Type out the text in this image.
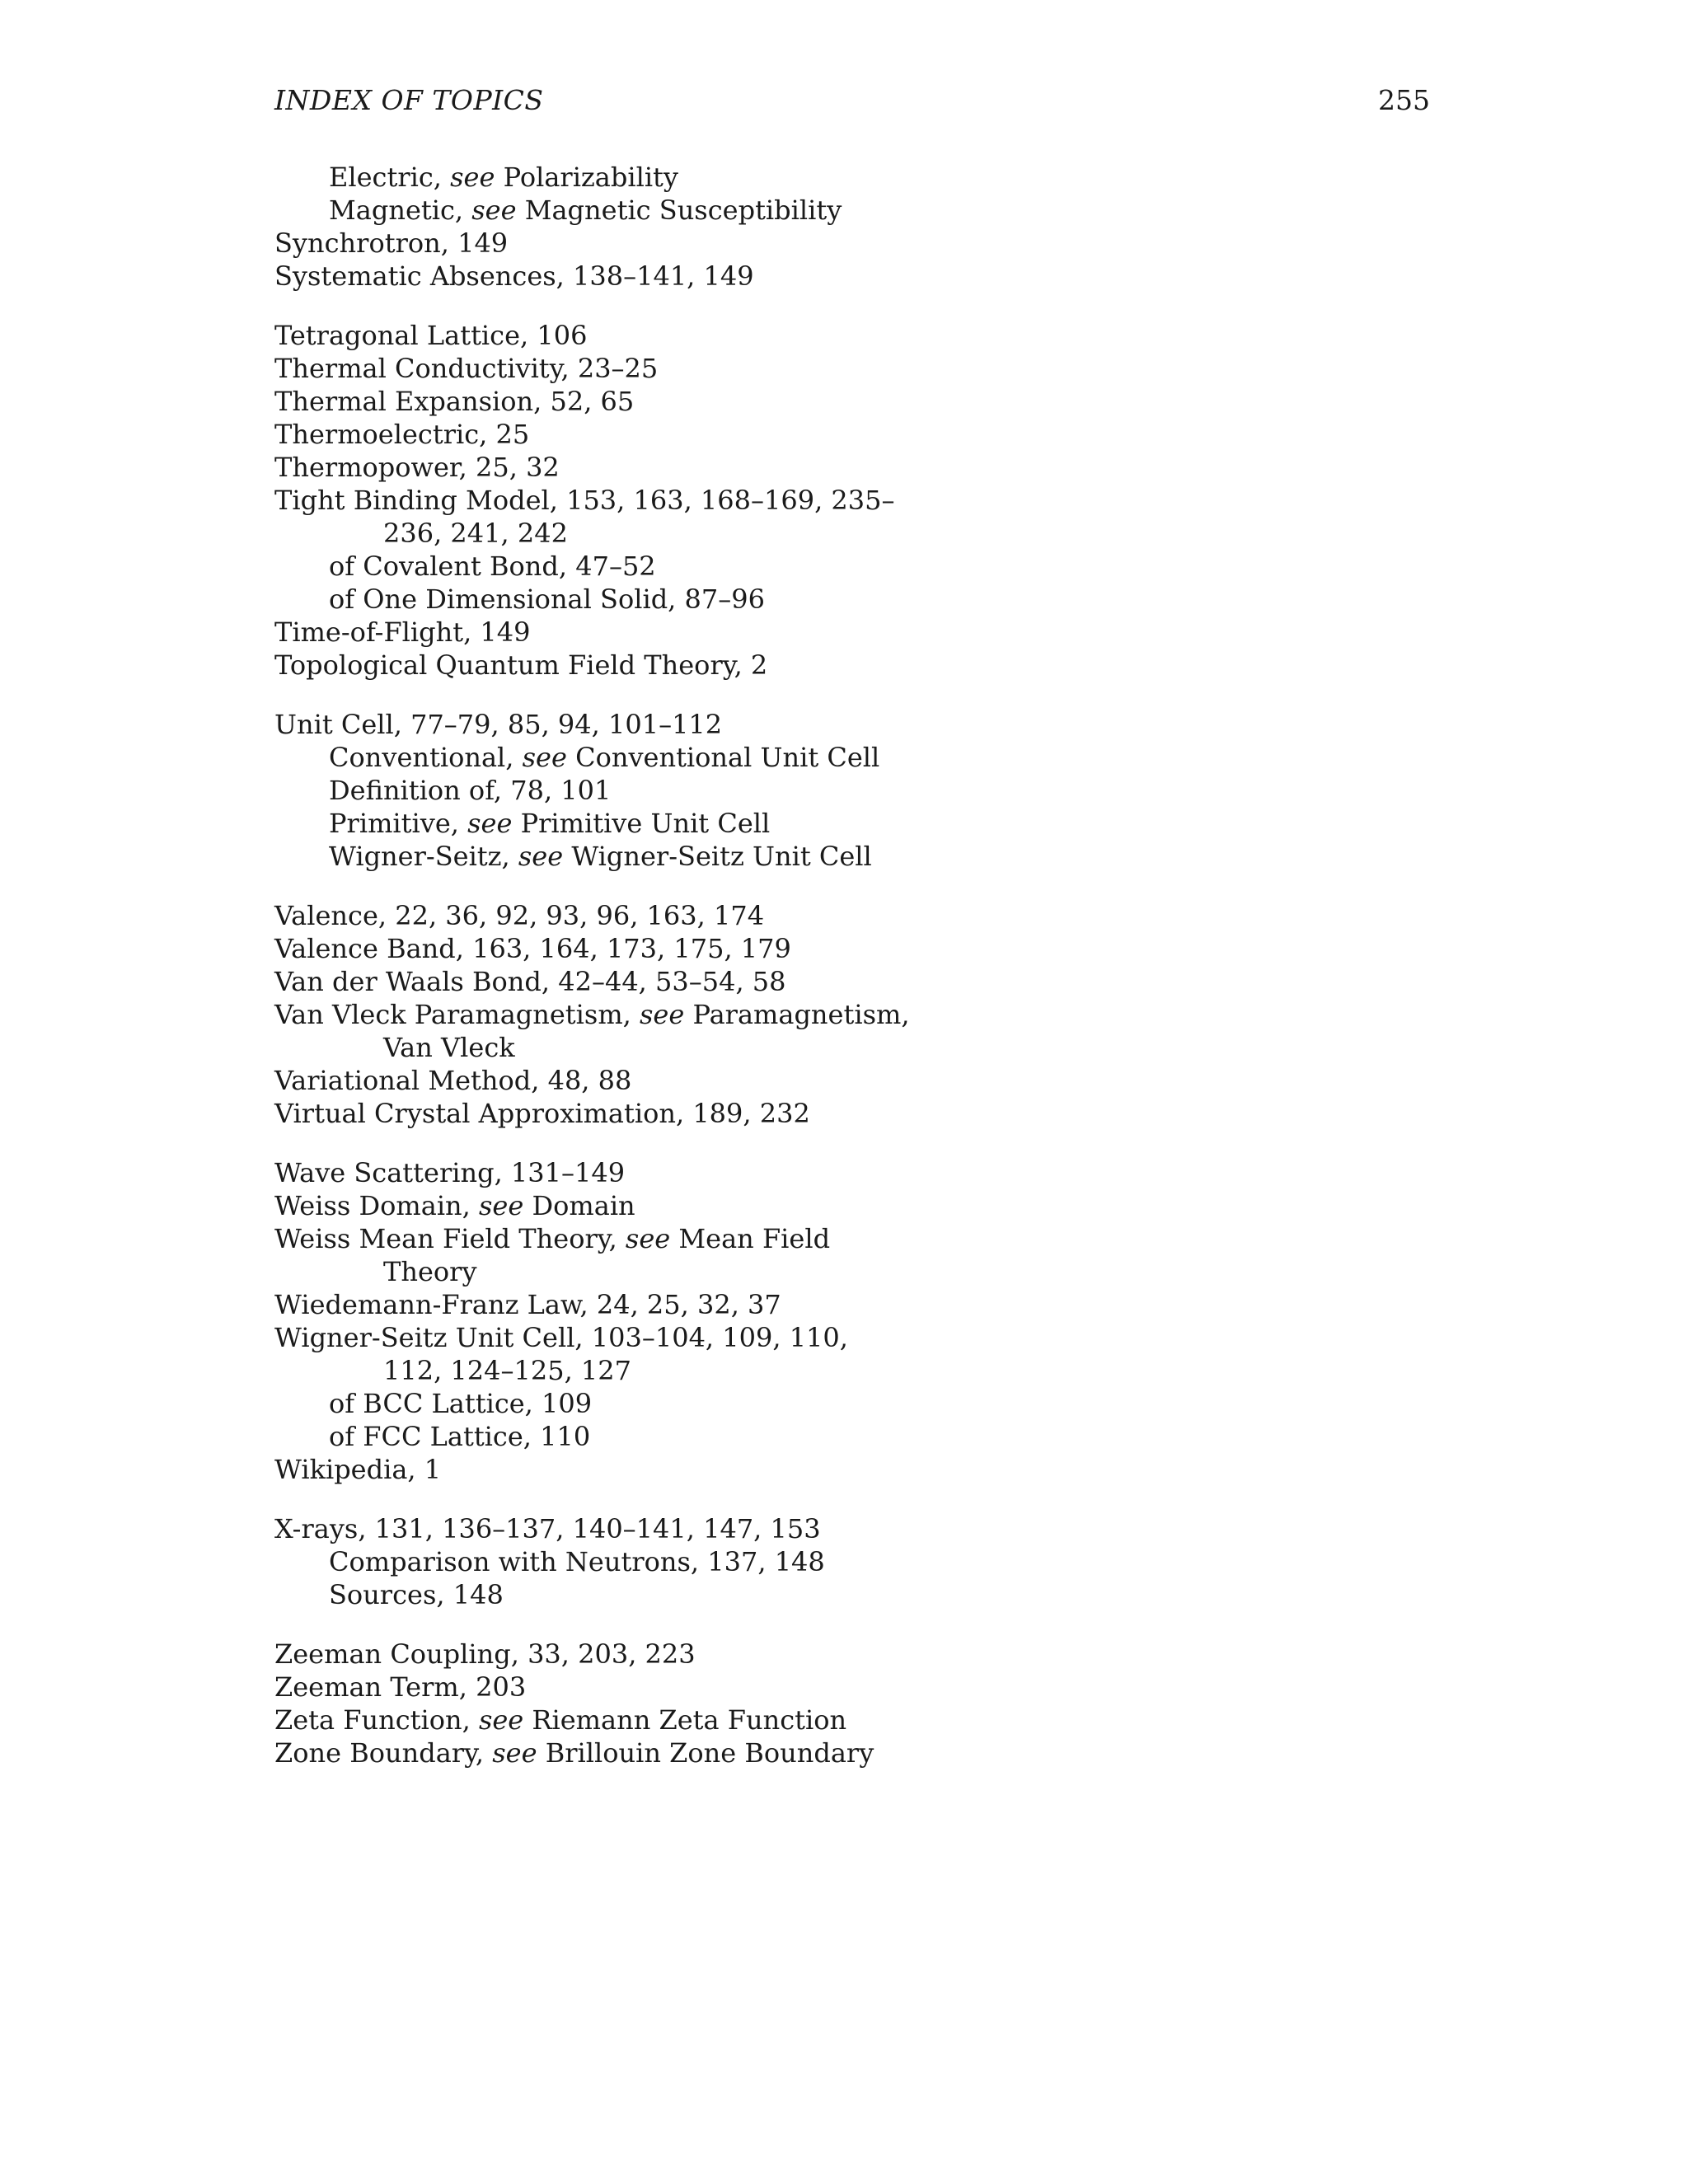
INDEX OF TOPICS	255
Electric, see Polarizability
Magnetic, see Magnetic Susceptibility
Synchrotron, 149
Systematic Absences, 138–141, 149
Tetragonal Lattice, 106
Thermal Conductivity, 23–25
Thermal Expansion, 52, 65
Thermoelectric, 25
Thermopower, 25, 32
Tight Binding Model, 153, 163, 168–169, 235–
236, 241, 242
of Covalent Bond, 47–52
of One Dimensional Solid, 87–96
Time-of-Flight, 149
Topological Quantum Field Theory, 2
Unit Cell, 77–79, 85, 94, 101–112
Conventional, see Conventional Unit Cell
Definition of, 78, 101
Primitive, see Primitive Unit Cell
Wigner-Seitz, see Wigner-Seitz Unit Cell
Valence, 22, 36, 92, 93, 96, 163, 174
Valence Band, 163, 164, 173, 175, 179
Van der Waals Bond, 42–44, 53–54, 58
Van Vleck Paramagnetism, see Paramagnetism,
Van Vleck
Variational Method, 48, 88
Virtual Crystal Approximation, 189, 232
Wave Scattering, 131–149
Weiss Domain, see Domain
Weiss Mean Field Theory, see Mean Field
Theory
Wiedemann-Franz Law, 24, 25, 32, 37
Wigner-Seitz Unit Cell, 103–104, 109, 110,
112, 124–125, 127
of BCC Lattice, 109
of FCC Lattice, 110
Wikipedia, 1
X-rays, 131, 136–137, 140–141, 147, 153
Comparison with Neutrons, 137, 148
Sources, 148
Zeeman Coupling, 33, 203, 223
Zeeman Term, 203
Zeta Function, see Riemann Zeta Function
Zone Boundary, see Brillouin Zone Boundary
